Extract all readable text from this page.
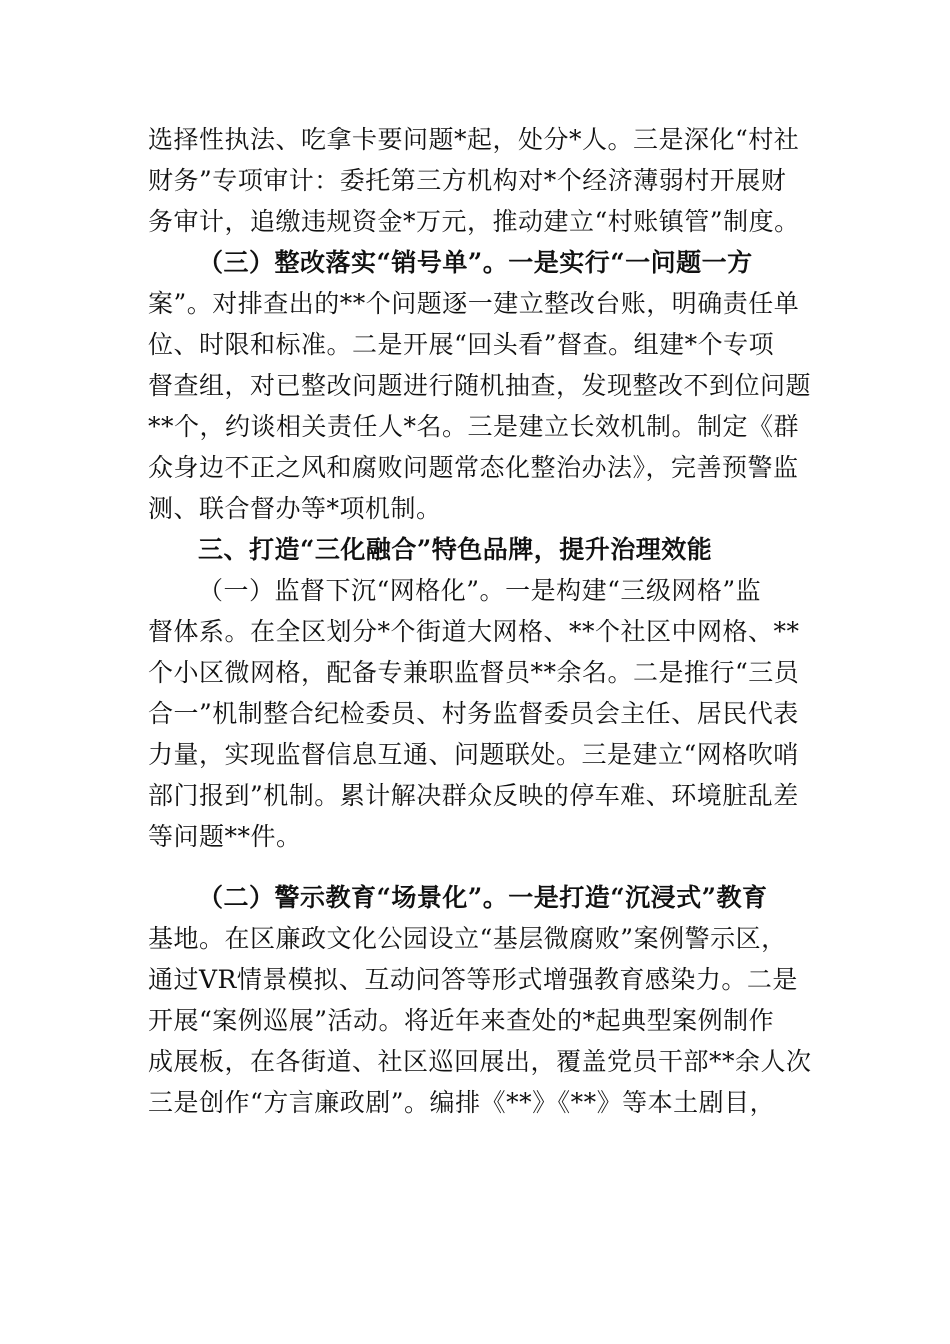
选择性执法、吃拿卡要问题*起，处分*人。三是深化“村社
财务”专项审计：委托第三方机构对*个经济薄弱村开展财
务审计，追缴违规资金*万元，推动建立“村账镇管”制度。
（三）整改落实“销号单”。一是实行“一问题一方
案”。对排查出的**个问题逐一建立整改台账，明确责任单
位、时限和标准。二是开展“回头看”督查。组建*个专项
督查组，对已整改问题进行随机抽查，发现整改不到位问题
**个，约谈相关责任人*名。三是建立长效机制。制定《群
众身边不正之风和腐败问题常态化整治办法》，完善预警监
测、联合督办等*项机制。
三、打造“三化融合”特色品牌，提升治理效能
（一）监督下沉“网格化”。一是构建“三级网格”监
督体系。在全区划分*个街道大网格、**个社区中网格、**
个小区微网格，配备专兼职监督员**余名。二是推行“三员
合一”机制整合纪检委员、村务监督委员会主任、居民代表
力量，实现监督信息互通、问题联处。三是建立“网格吹哨
部门报到”机制。累计解决群众反映的停车难、环境脏乱差
等问题**件。
（二）警示教育“场景化”。一是打造“沉浸式”教育
基地。在区廉政文化公园设立“基层微腐败”案例警示区，
通过VR情景模拟、互动问答等形式增强教育感染力。二是
开展“案例巡展”活动。将近年来查处的*起典型案例制作
成展板，在各街道、社区巡回展出，覆盖党员干部**余人次
三是创作“方言廉政剧”。编排《**》《**》等本土剧目，
